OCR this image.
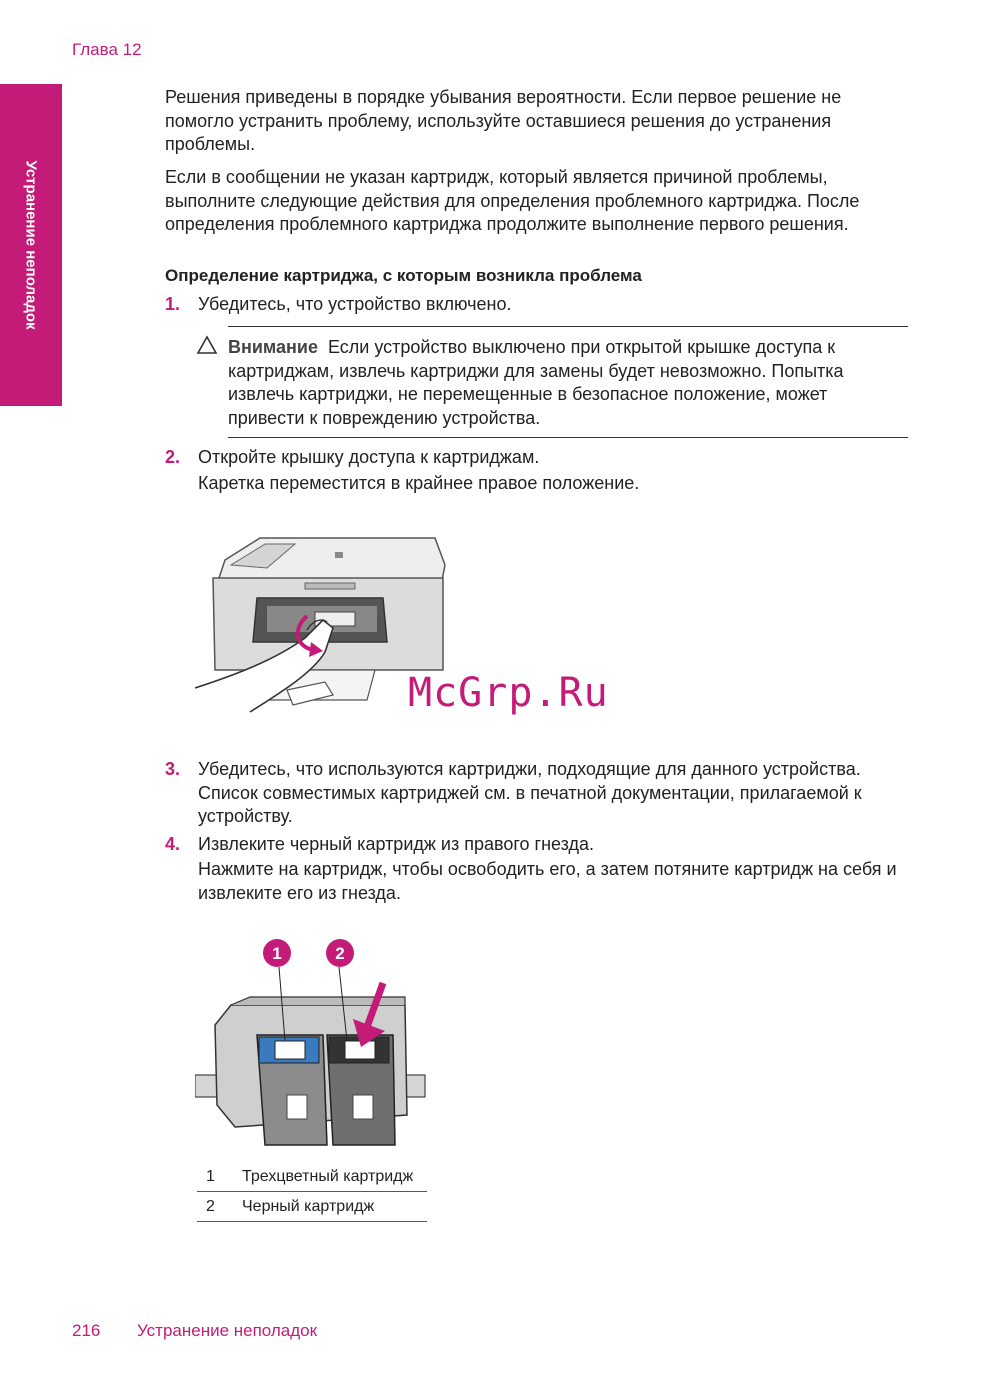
Глава 12
Устранение неполадок

Решения приведены в порядке убывания вероятности. Если первое решение не помогло устранить проблему, используйте оставшиеся решения до устранения проблемы.

Если в сообщении не указан картридж, который является причиной проблемы, выполните следующие действия для определения проблемного картриджа. После определения проблемного картриджа продолжите выполнение первого решения.

Определение картриджа, с которым возникла проблема
1. Убедитесь, что устройство включено.
Внимание Если устройство выключено при открытой крышке доступа к картриджам, извлечь картриджи для замены будет невозможно. Попытка извлечь картриджи, не перемещенные в безопасное положение, может привести к повреждению устройства.
2. Откройте крышку доступа к картриджам.
Каретка переместится в крайнее правое положение.
McGrp.Ru
3. Убедитесь, что используются картриджи, подходящие для данного устройства. Список совместимых картриджей см. в печатной документации, прилагаемой к устройству.
4. Извлеките черный картридж из правого гнезда.
Нажмите на картридж, чтобы освободить его, а затем потяните картридж на себя и извлеките его из гнезда.
1	2
1	Трехцветный картридж
2	Черный картридж
216 Устранение неполадок
